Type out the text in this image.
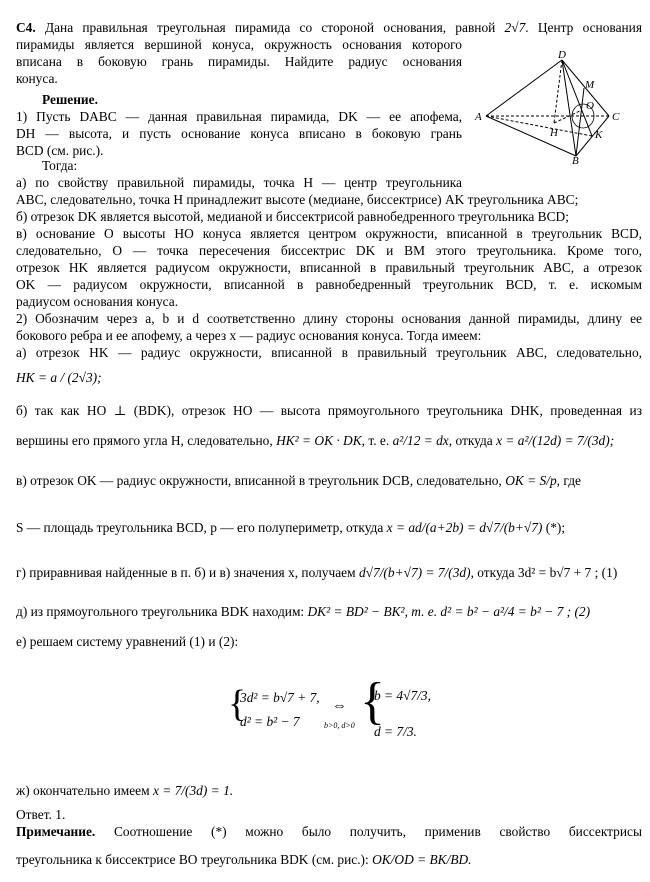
С4. Дана правильная треугольная пирамида со стороной основания, равной 2√7. Центр основания
пирамиды является вершиной конуса, окружность основания которого
вписана в боковую грань пирамиды. Найдите радиус основания
конуса.
Решение.
1) Пусть DABC — данная правильная пирамида, DK — ее апофема,
DH — высота, и пусть основание конуса вписано в боковую грань
BCD (см. рис.).
Тогда:
D
M
O
C
A
H	K
B
а) по свойству правильной пирамиды, точка H — центр треугольника
ABC, следовательно, точка H принадлежит высоте (медиане, биссектрисе) AK треугольника ABC;
б) отрезок DK является высотой, медианой и биссектрисой равнобедренного треугольника BCD;
в) основание O высоты HO конуса является центром окружности, вписанной в треугольник BCD,
следовательно, O — точка пересечения биссектрис DK и BM этого треугольника. Кроме того,
отрезок HK является радиусом окружности, вписанной в правильный треугольник ABC, а отрезок
OK — радиусом окружности, вписанной в равнобедренный треугольник BCD, т. е. искомым
радиусом основания конуса.
2) Обозначим через a, b и d соответственно длину стороны основания данной пирамиды, длину ее
бокового ребра и ее апофему, а через x — радиус основания конуса. Тогда имеем:
а) отрезок HK — радиус окружности, вписанной в правильный треугольник ABC, следовательно,
HK = a / (2√3);
б) так как HO ⊥ (BDK), отрезок HO — высота прямоугольного треугольника DHK, проведенная из
вершины его прямого угла H, следовательно, HK² = OK · DK, т. е. a²/12 = dx, откуда x = a²/(12d) = 7/(3d);
в) отрезок OK — радиус окружности, вписанной в треугольник DCB, следовательно, OK = S/p, где
S — площадь треугольника BCD, p — его полупериметр, откуда x = ad/(a+2b) = d√7/(b+√7) (*);
г) приравнивая найденные в п. б) и в) значения x, получаем d√7/(b+√7) = 7/(3d), откуда 3d² = b√7 + 7 ; (1)
д) из прямоугольного треугольника BDK находим: DK² = BD² − BK², т. е. d² = b² − a²/4 = b² − 7 ; (2)
е) решаем систему уравнений (1) и (2):
{
3d² = b√7 + 7,
d² = b² − 7
⇔
b>0, d>0 {
b = 4√7/3,
d = 7/3.
ж) окончательно имеем x = 7/(3d) = 1.
Ответ. 1.
Примечание. Соотношение (*) можно было получить, применив свойство биссектрисы
треугольника к биссектрисе BO треугольника BDK (см. рис.): OK/OD = BK/BD.
